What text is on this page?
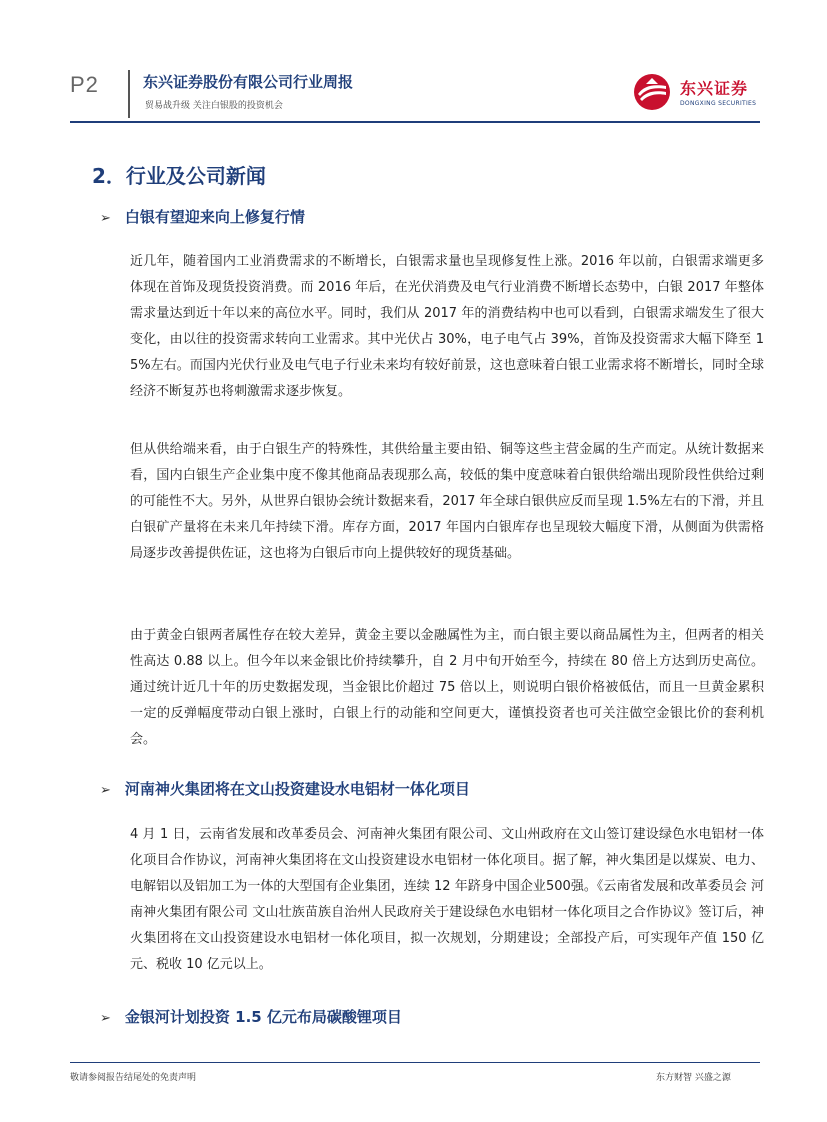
P2	东兴证券股份有限公司行业周报
贸易战升级 关注白银股的投资机会
东兴证券
DONGXING SECURITIES
2．行业及公司新闻
➢ 白银有望迎来向上修复行情

近几年，随着国内工业消费需求的不断增长，白银需求量也呈现修复性上涨。2016 年以前，白银需求端更多体现在首饰及现货投资消费。而 2016 年后，在光伏消费及电气行业消费不断增长态势中，白银 2017 年整体需求量达到近十年以来的高位水平。同时，我们从 2017 年的消费结构中也可以看到，白银需求端发生了很大变化，由以往的投资需求转向工业需求。其中光伏占 30%，电子电气占 39%，首饰及投资需求大幅下降至 15%左右。而国内光伏行业及电气电子行业未来均有较好前景，这也意味着白银工业需求将不断增长，同时全球经济不断复苏也将刺激需求逐步恢复。

但从供给端来看，由于白银生产的特殊性，其供给量主要由铅、铜等这些主营金属的生产而定。从统计数据来看，国内白银生产企业集中度不像其他商品表现那么高，较低的集中度意味着白银供给端出现阶段性供给过剩的可能性不大。另外，从世界白银协会统计数据来看，2017 年全球白银供应反而呈现 1.5%左右的下滑，并且白银矿产量将在未来几年持续下滑。库存方面，2017 年国内白银库存也呈现较大幅度下滑，从侧面为供需格局逐步改善提供佐证，这也将为白银后市向上提供较好的现货基础。

由于黄金白银两者属性存在较大差异，黄金主要以金融属性为主，而白银主要以商品属性为主，但两者的相关性高达 0.88 以上。但今年以来金银比价持续攀升，自 2 月中旬开始至今，持续在 80 倍上方达到历史高位。通过统计近几十年的历史数据发现，当金银比价超过 75 倍以上，则说明白银价格被低估，而且一旦黄金累积一定的反弹幅度带动白银上涨时，白银上行的动能和空间更大，谨慎投资者也可关注做空金银比价的套利机会。

➢ 河南神火集团将在文山投资建设水电铝材一体化项目

4 月 1 日，云南省发展和改革委员会、河南神火集团有限公司、文山州政府在文山签订建设绿色水电铝材一体化项目合作协议，河南神火集团将在文山投资建设水电铝材一体化项目。据了解，神火集团是以煤炭、电力、电解铝以及铝加工为一体的大型国有企业集团，连续 12 年跻身中国企业500强。《云南省发展和改革委员会 河南神火集团有限公司 文山壮族苗族自治州人民政府关于建设绿色水电铝材一体化项目之合作协议》签订后，神火集团将在文山投资建设水电铝材一体化项目，拟一次规划，分期建设；全部投产后，可实现年产值 150 亿元、税收 10 亿元以上。

➢ 金银河计划投资 1.5 亿元布局碳酸锂项目
敬请参阅报告结尾处的免责声明	东方财智 兴盛之源
